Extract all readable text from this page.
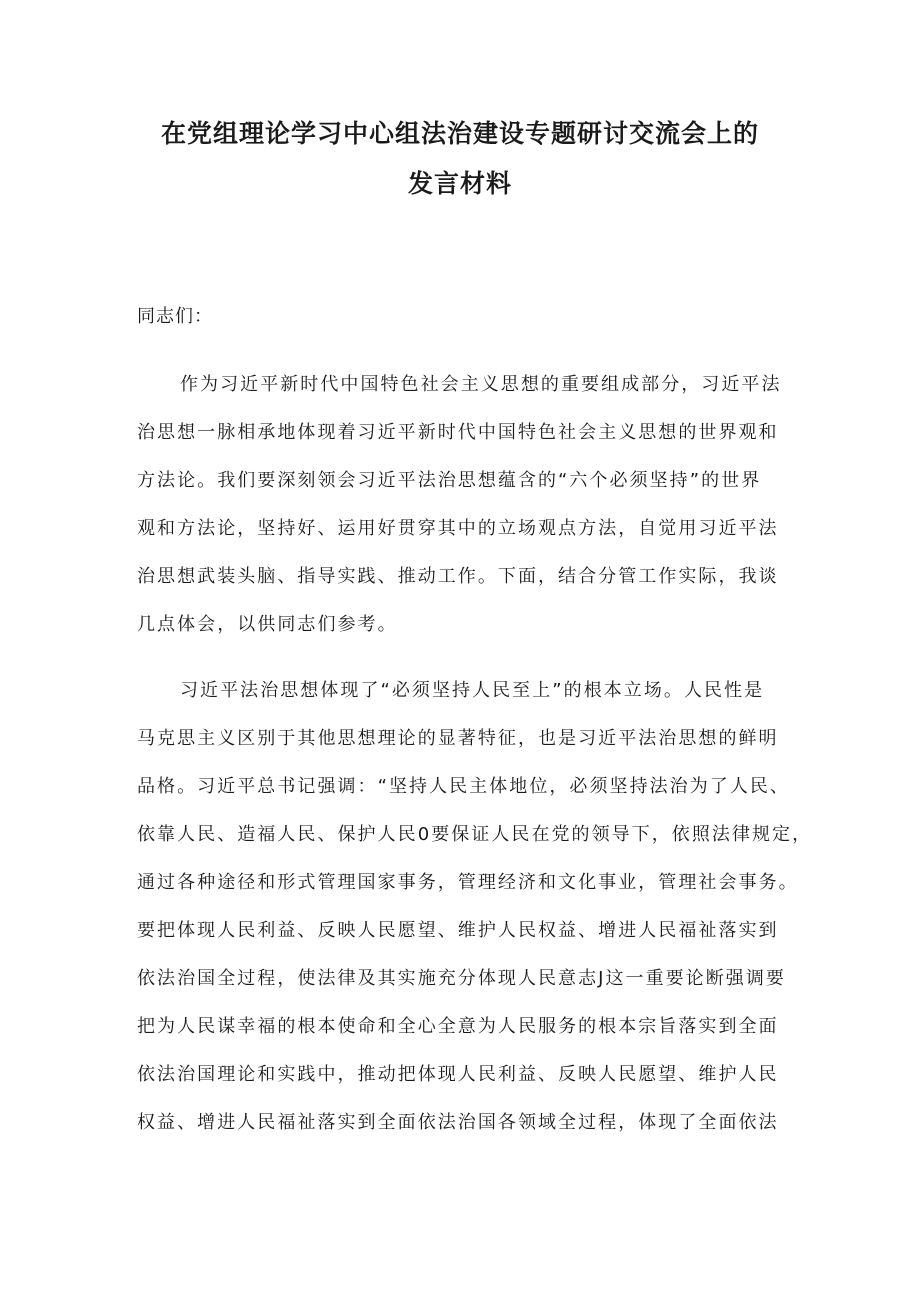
在党组理论学习中心组法治建设专题研讨交流会上的
发言材料

同志们：

作为习近平新时代中国特色社会主义思想的重要组成部分，习近平法

治思想一脉相承地体现着习近平新时代中国特色社会主义思想的世界观和

方法论。我们要深刻领会习近平法治思想蕴含的“六个必须坚持”的世界

观和方法论，坚持好、运用好贯穿其中的立场观点方法，自觉用习近平法

治思想武装头脑、指导实践、推动工作。下面，结合分管工作实际，我谈

几点体会，以供同志们参考。

习近平法治思想体现了“必须坚持人民至上”的根本立场。人民性是

马克思主义区别于其他思想理论的显著特征，也是习近平法治思想的鲜明

品格。习近平总书记强调：“坚持人民主体地位，必须坚持法治为了人民、

依靠人民、造福人民、保护人民0要保证人民在党的领导下，依照法律规定，

通过各种途径和形式管理国家事务，管理经济和文化事业，管理社会事务。

要把体现人民利益、反映人民愿望、维护人民权益、增进人民福祉落实到

依法治国全过程，使法律及其实施充分体现人民意志J这一重要论断强调要

把为人民谋幸福的根本使命和全心全意为人民服务的根本宗旨落实到全面

依法治国理论和实践中，推动把体现人民利益、反映人民愿望、维护人民

权益、增进人民福祉落实到全面依法治国各领域全过程，体现了全面依法
